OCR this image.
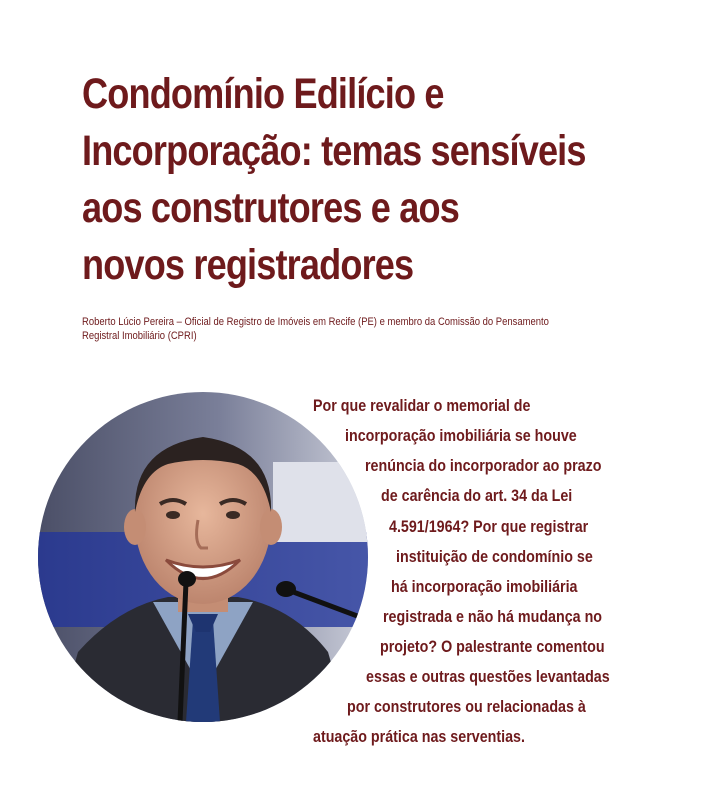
Condomínio Edilício e
Incorporação: temas sensíveis
aos construtores e aos
novos registradores

Roberto Lúcio Pereira – Oficial de Registro de Imóveis em Recife (PE) e membro da Comissão do Pensamento
Registral Imobiliário (CPRI)

Por que revalidar o memorial de
incorporação imobiliária se houve
renúncia do incorporador ao prazo
de carência do art. 34 da Lei
4.591/1964? Por que registrar
instituição de condomínio se
há incorporação imobiliária
registrada e não há mudança no
projeto? O palestrante comentou
essas e outras questões levantadas
por construtores ou relacionadas à
atuação prática nas serventias.
